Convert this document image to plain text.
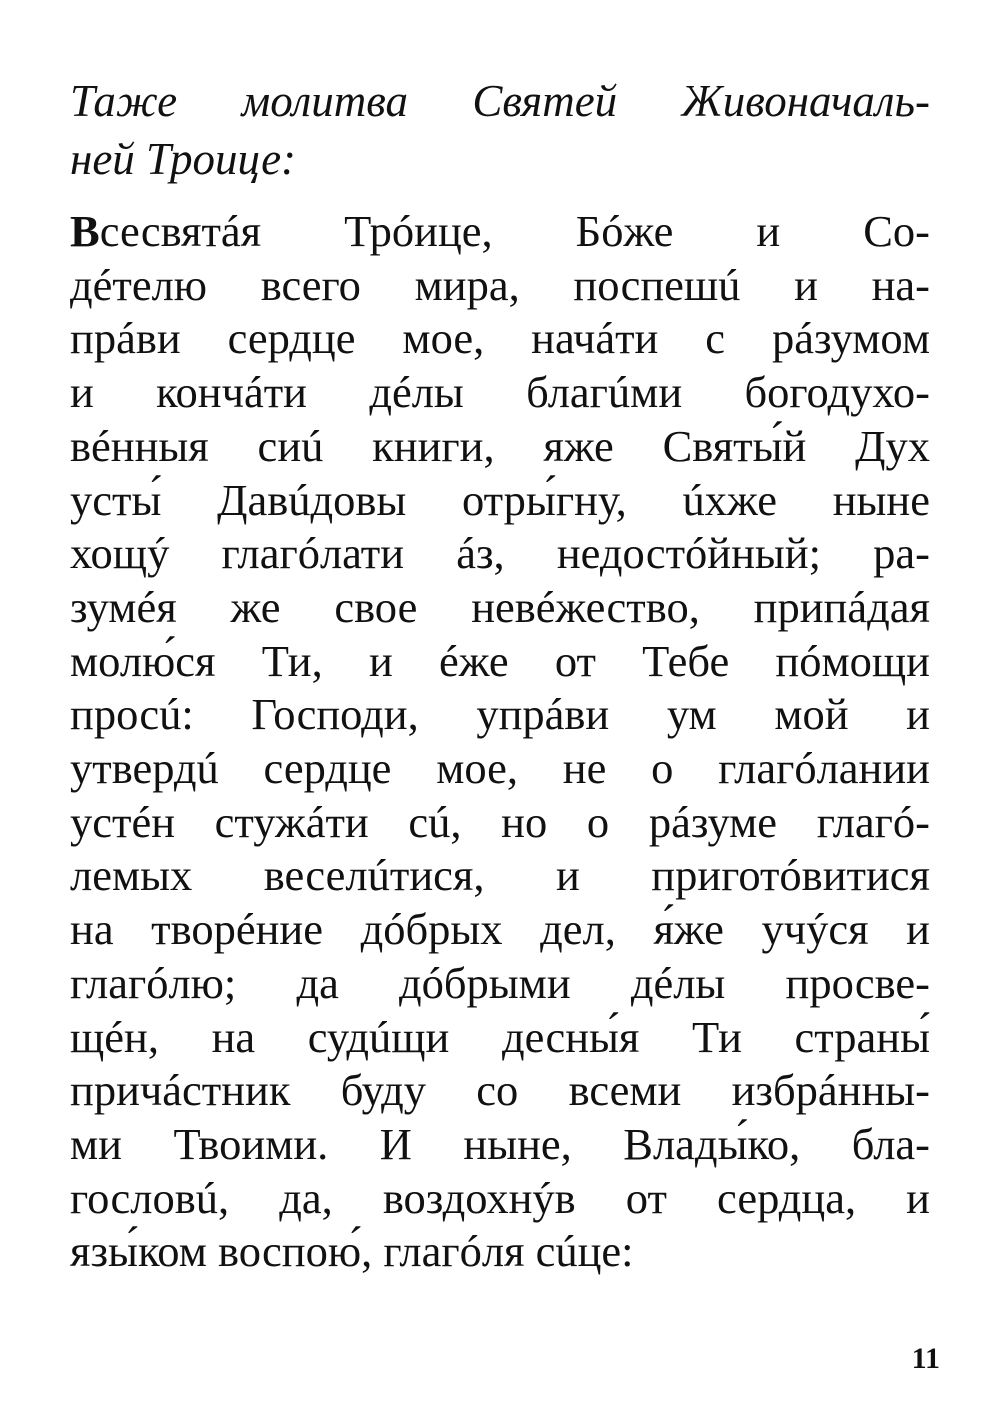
Таже молитва Святей Живоначаль-
ней Троице:
Всесвятáя Трóице, Бóже и Со-
дéтелю всего мира, поспешú и на-
прáви сердце мое, начáти с рáзумом
и кончáти дéлы благúми богодухо-
вéнныя сиú книги, яже Святы́й Дух
усты́ Давúдовы отры́гну, úхже ныне
хощý глагóлати áз, недостóйный; ра-
зумéя же свое невéжество, припáдая
молю́ся Ти, и éже от Тебе пóмощи
просú: Господи, упрáви ум мой и
утвердú сердце мое, не о глагóлании
устéн стужáти сú, но о рáзуме глагó-
лемых веселúтися, и приготóвитися
на творéние дóбрых дел, я́же учýся и
глагóлю; да дóбрыми дéлы просве-
щéн, на судúщи десны́я Ти страны́
причáстник буду со всеми избрáнны-
ми Твоими. И ныне, Влады́ко, бла-
гословú, да, воздохнýв от сердца, и
язы́ком воспою́, глагóля сúце:
11
